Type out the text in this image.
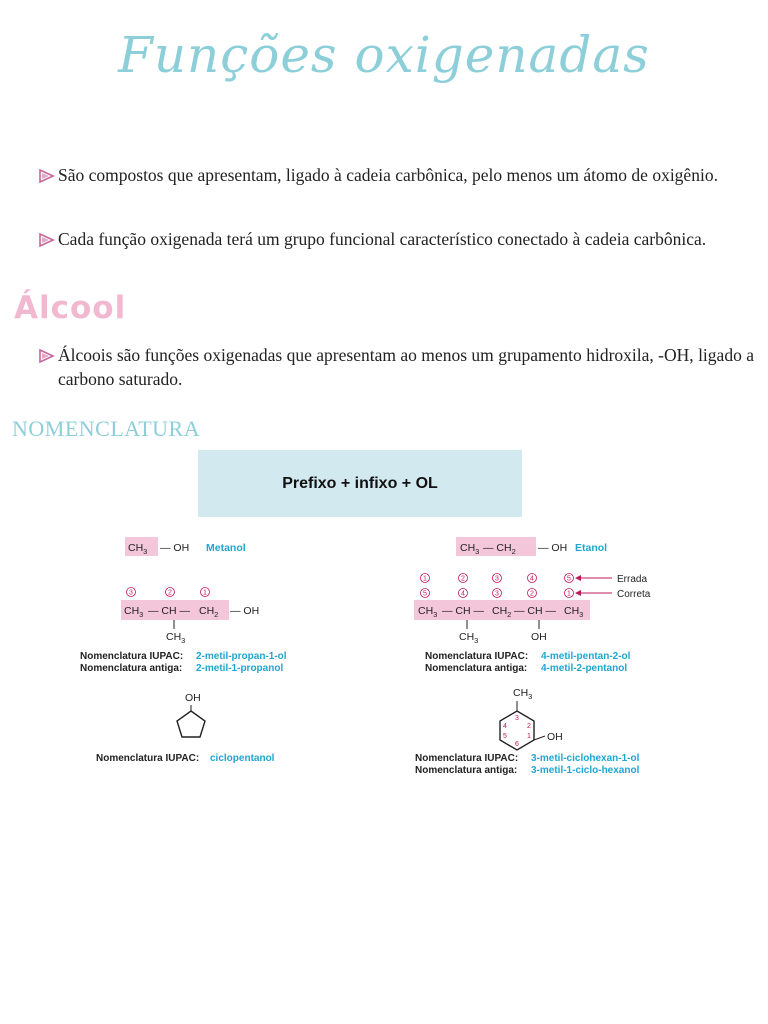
Funções oxigenadas
São compostos que apresentam, ligado à cadeia carbônica, pelo menos um átomo de oxigênio.
Cada função oxigenada terá um grupo funcional característico conectado à cadeia carbônica.
Álcool
Álcoois são funções oxigenadas que apresentam ao menos um grupamento hidroxila, -OH, ligado a carbono saturado.
NOMENCLATURA
Prefixo + infixo + OL
$CH_3$ — OH Metanol	$CH_3$ — $CH_2$ — OH Etanol
3	2	1
$CH_3$ — CH — $CH_2$ — OH
$CH_3$
Nomenclatura IUPAC: 2-metil-propan-1-ol
Nomenclatura antiga: 2-metil-1-propanol
1	2	3	4	5
5	4	3	2	1
Errada
Correta
$CH_3$ — CH — $CH_2$ — CH — $CH_3$
$CH_3$	OH
Nomenclatura IUPAC: 4-metil-pentan-2-ol
Nomenclatura antiga: 4-metil-2-pentanol
OH
Nomenclatura IUPAC: ciclopentanol
$CH_3$
OH
3
2
1
6
5
4
Nomenclatura IUPAC: 3-metil-ciclohexan-1-ol
Nomenclatura antiga: 3-metil-1-ciclo-hexanol
